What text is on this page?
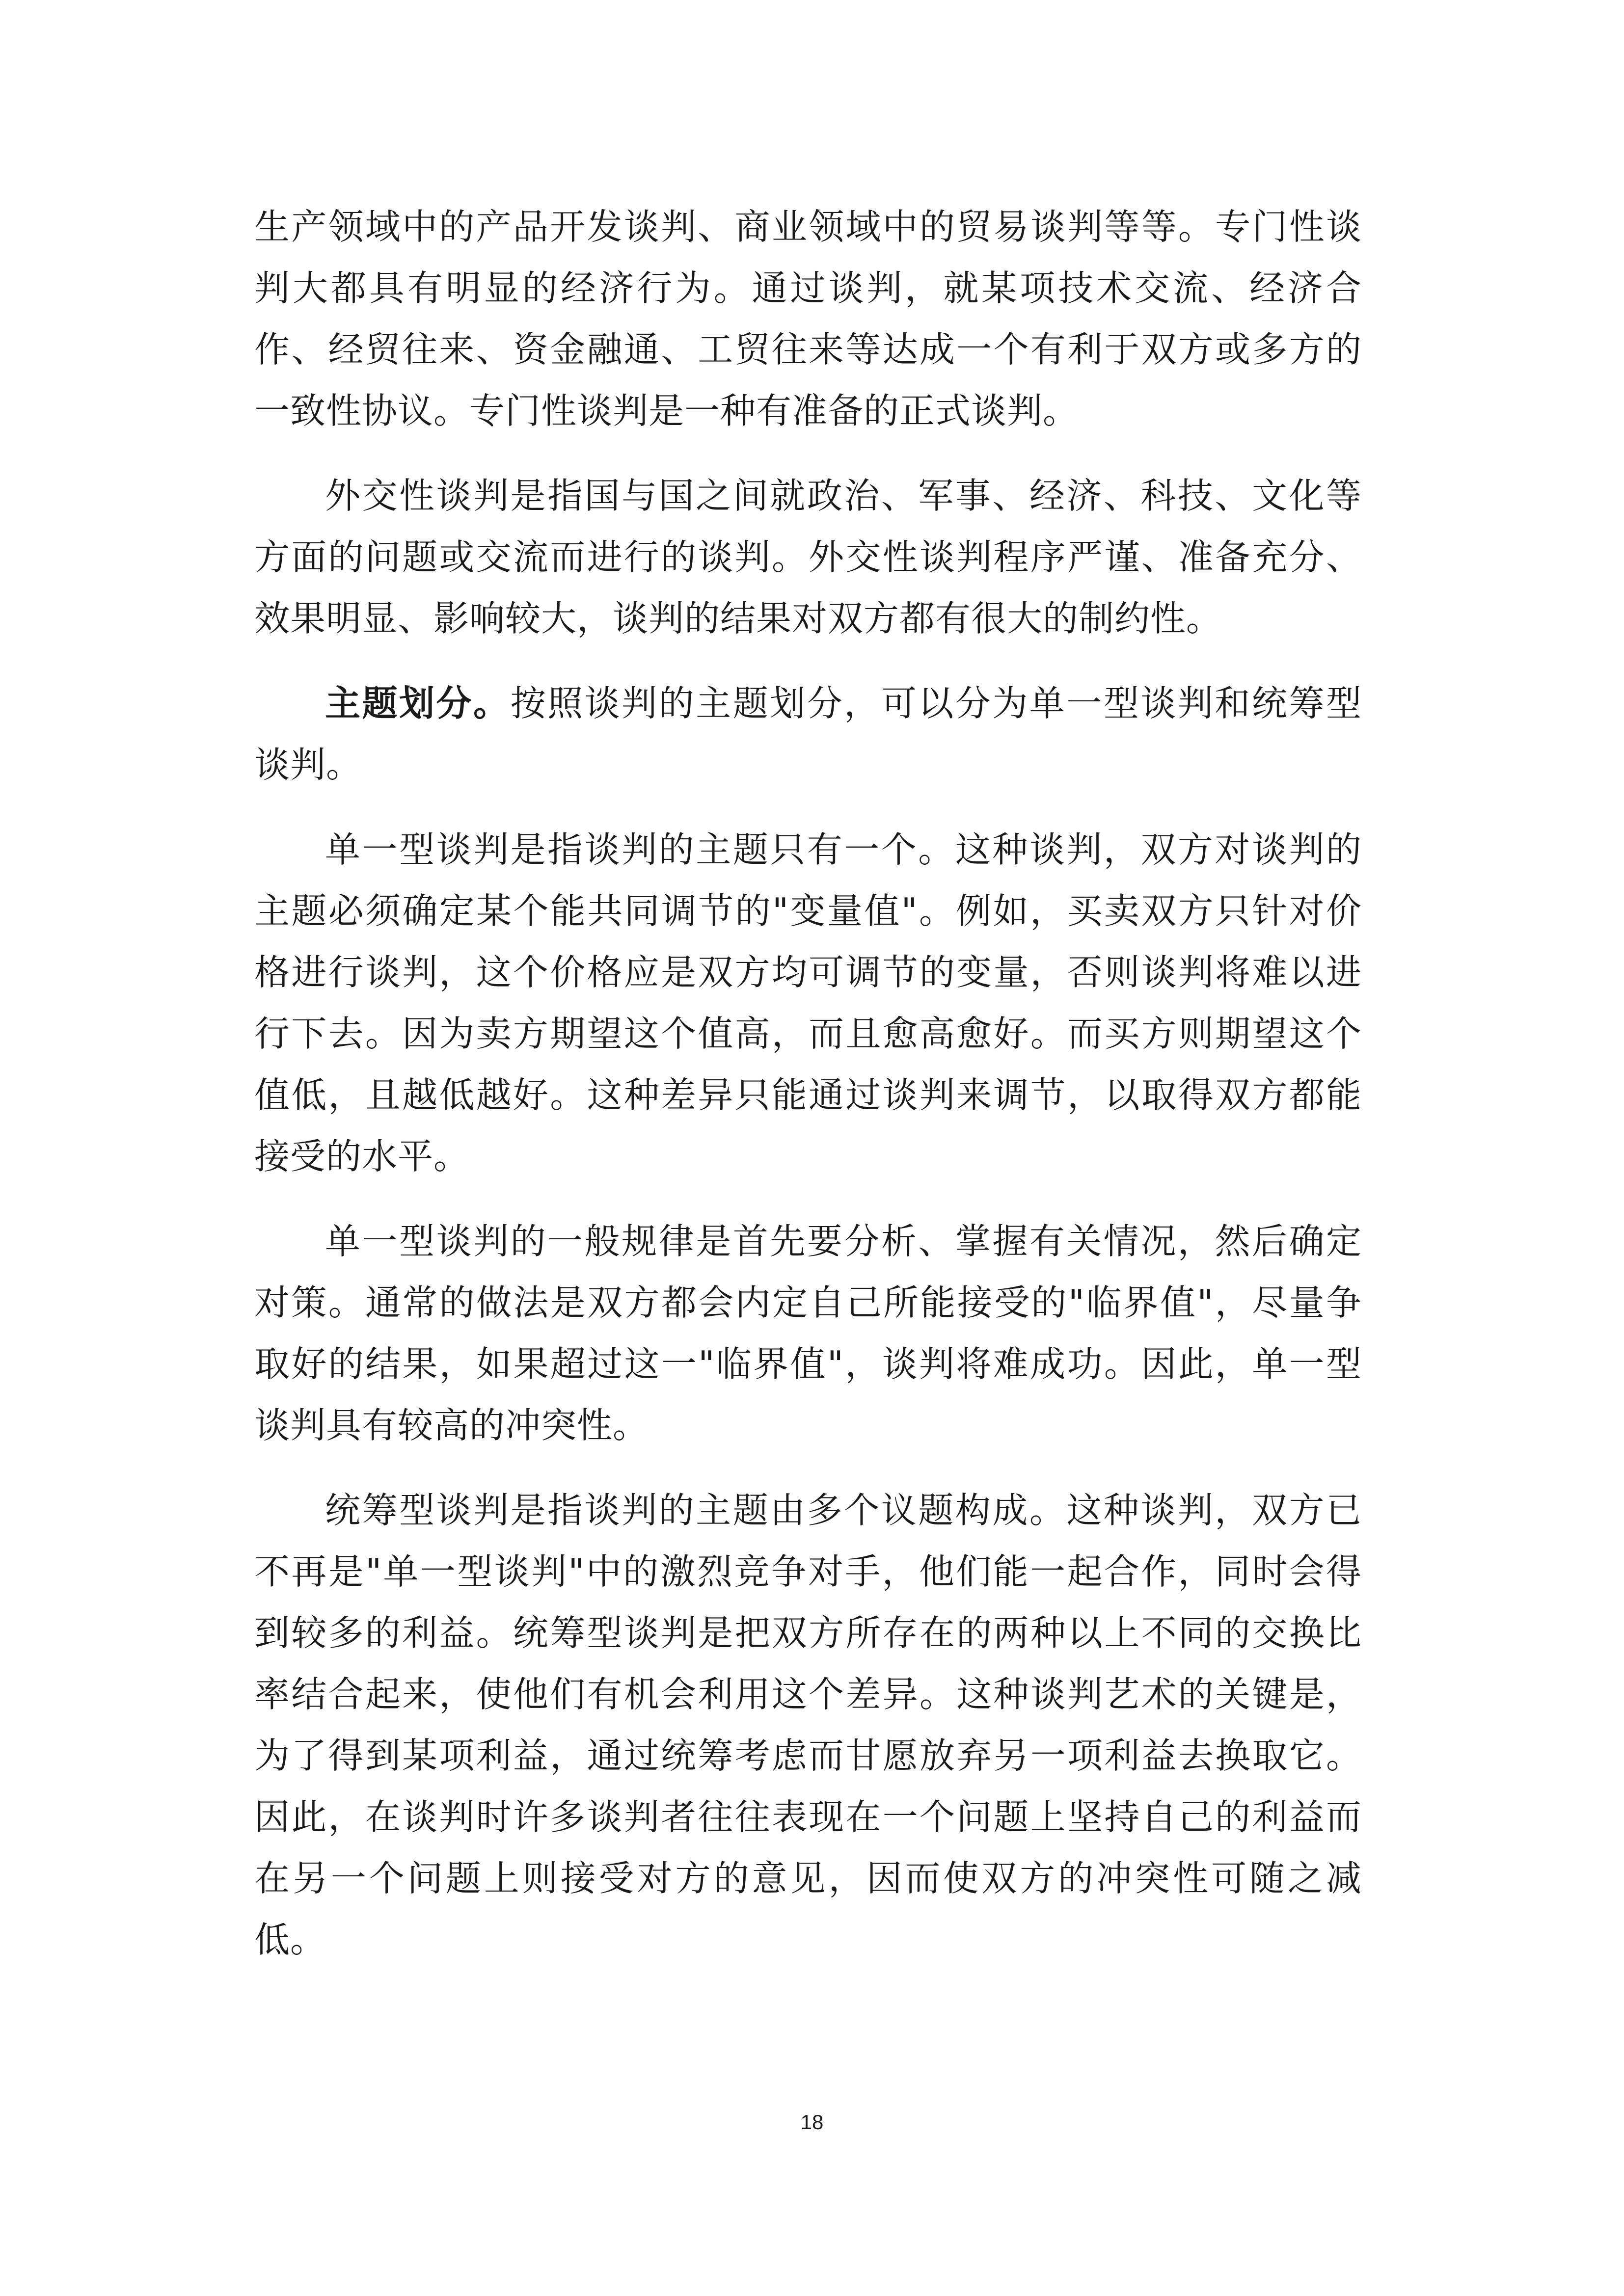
生产领域中的产品开发谈判、商业领域中的贸易谈判等等。专门性谈判大都具有明显的经济行为。通过谈判，就某项技术交流、经济合作、经贸往来、资金融通、工贸往来等达成一个有利于双方或多方的一致性协议。专门性谈判是一种有准备的正式谈判。

外交性谈判是指国与国之间就政治、军事、经济、科技、文化等方面的问题或交流而进行的谈判。外交性谈判程序严谨、准备充分、效果明显、影响较大，谈判的结果对双方都有很大的制约性。

主题划分。按照谈判的主题划分，可以分为单一型谈判和统筹型谈判。

单一型谈判是指谈判的主题只有一个。这种谈判，双方对谈判的主题必须确定某个能共同调节的"变量值"。例如，买卖双方只针对价格进行谈判，这个价格应是双方均可调节的变量，否则谈判将难以进行下去。因为卖方期望这个值高，而且愈高愈好。而买方则期望这个值低，且越低越好。这种差异只能通过谈判来调节，以取得双方都能接受的水平。

单一型谈判的一般规律是首先要分析、掌握有关情况，然后确定对策。通常的做法是双方都会内定自己所能接受的"临界值"，尽量争取好的结果，如果超过这一"临界值"，谈判将难成功。因此，单一型谈判具有较高的冲突性。

统筹型谈判是指谈判的主题由多个议题构成。这种谈判，双方已不再是"单一型谈判"中的激烈竞争对手，他们能一起合作，同时会得到较多的利益。统筹型谈判是把双方所存在的两种以上不同的交换比率结合起来，使他们有机会利用这个差异。这种谈判艺术的关键是，为了得到某项利益，通过统筹考虑而甘愿放弃另一项利益去换取它。因此，在谈判时许多谈判者往往表现在一个问题上坚持自己的利益而在另一个问题上则接受对方的意见，因而使双方的冲突性可随之减低。

18
